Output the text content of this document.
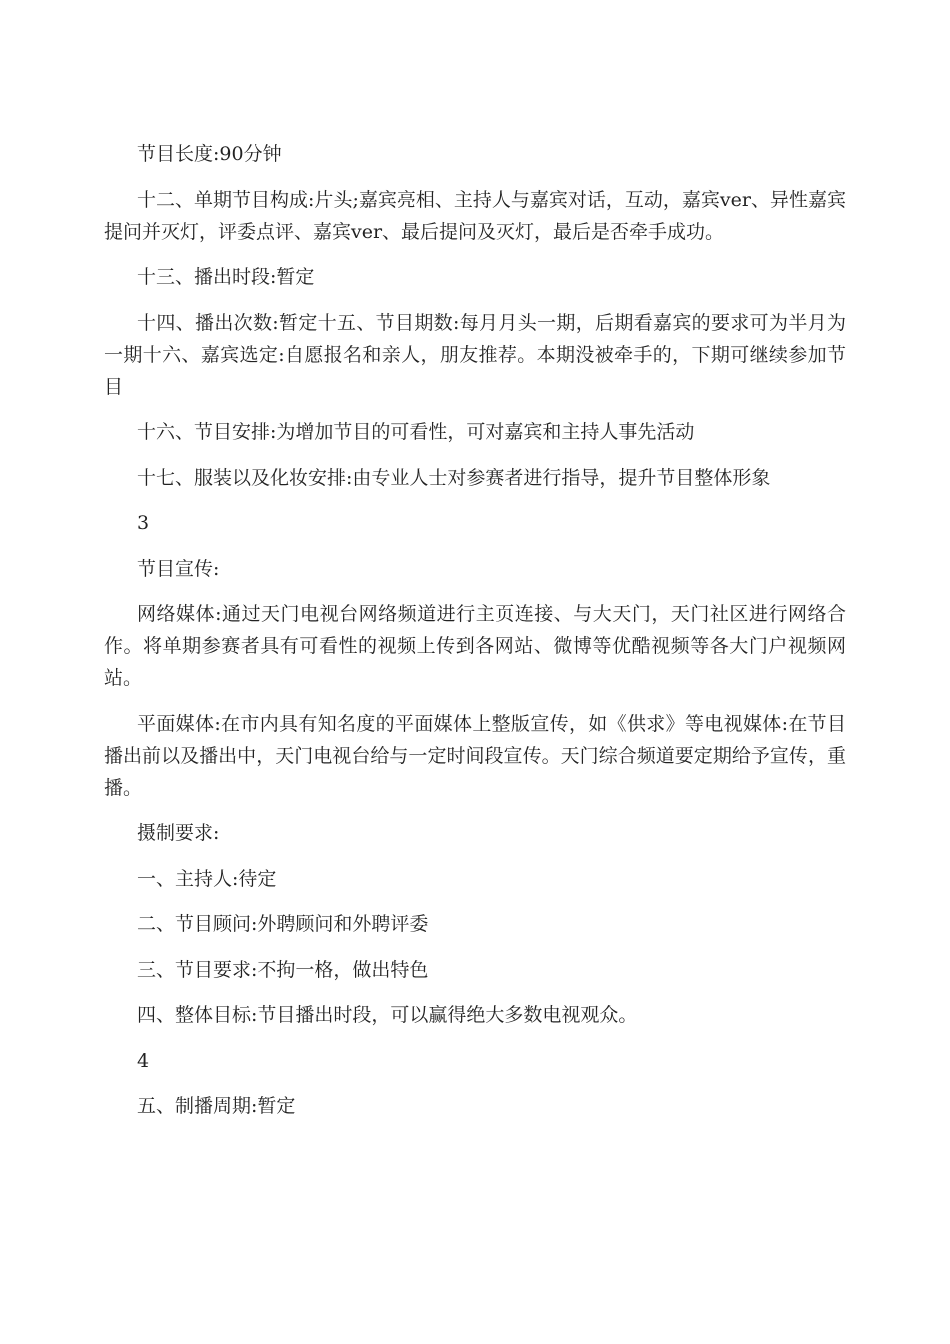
节目长度:90分钟

十二、单期节目构成:片头;嘉宾亮相、主持人与嘉宾对话，互动，嘉宾ver、异性嘉宾提问并灭灯，评委点评、嘉宾ver、最后提问及灭灯，最后是否牵手成功。

十三、播出时段:暂定

十四、播出次数:暂定十五、节目期数:每月月头一期，后期看嘉宾的要求可为半月为一期十六、嘉宾选定:自愿报名和亲人，朋友推荐。本期没被牵手的，下期可继续参加节目

十六、节目安排:为增加节目的可看性，可对嘉宾和主持人事先活动

十七、服装以及化妆安排:由专业人士对参赛者进行指导，提升节目整体形象

3

节目宣传:

网络媒体:通过天门电视台网络频道进行主页连接、与大天门，天门社区进行网络合作。将单期参赛者具有可看性的视频上传到各网站、微博等优酷视频等各大门户视频网站。

平面媒体:在市内具有知名度的平面媒体上整版宣传，如《供求》等电视媒体:在节目播出前以及播出中，天门电视台给与一定时间段宣传。天门综合频道要定期给予宣传，重播。

摄制要求:

一、主持人:待定

二、节目顾问:外聘顾问和外聘评委

三、节目要求:不拘一格，做出特色

四、整体目标:节目播出时段，可以赢得绝大多数电视观众。

4

五、制播周期:暂定
